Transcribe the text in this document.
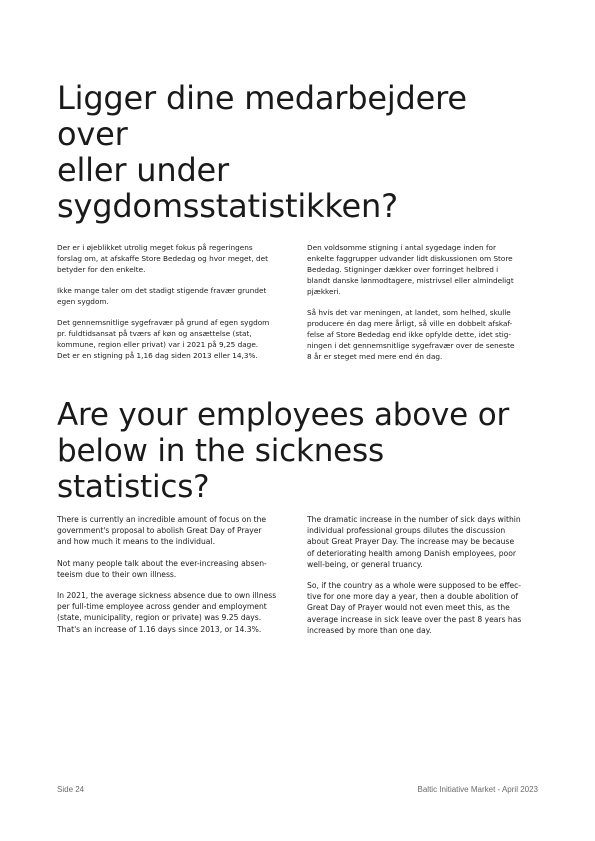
Ligger dine medarbejdere over
eller under
sygdomsstatistikken?

Der er i øjeblikket utrolig meget fokus på regeringens
forslag om, at afskaffe Store Bededag og hvor meget, det
betyder for den enkelte.

Ikke mange taler om det stadigt stigende fravær grundet
egen sygdom.

Det gennemsnitlige sygefravær på grund af egen sygdom
pr. fuldtidsansat på tværs af køn og ansættelse (stat,
kommune, region eller privat) var i 2021 på 9,25 dage.
Det er en stigning på 1,16 dag siden 2013 eller 14,3%.

Den voldsomme stigning i antal sygedage inden for
enkelte faggrupper udvander lidt diskussionen om Store
Bededag. Stigninger dækker over forringet helbred i
blandt danske lønmodtagere, mistrivsel eller almindeligt
pjækkeri.

Så hvis det var meningen, at landet, som helhed, skulle
producere én dag mere årligt, så ville en dobbelt afskaf-
felse af Store Bededag end ikke opfylde dette, idet stig-
ningen i det gennemsnitlige sygefravær over de seneste
8 år er steget med mere end én dag.

Are your employees above or
below in the sickness statistics?

There is currently an incredible amount of focus on the
government's proposal to abolish Great Day of Prayer
and how much it means to the individual.

Not many people talk about the ever-increasing absen-
teeism due to their own illness.

In 2021, the average sickness absence due to own illness
per full-time employee across gender and employment
(state, municipality, region or private) was 9.25 days.
That's an increase of 1.16 days since 2013, or 14.3%.

The dramatic increase in the number of sick days within
individual professional groups dilutes the discussion
about Great Prayer Day. The increase may be because
of deteriorating health among Danish employees, poor
well-being, or general truancy.

So, if the country as a whole were supposed to be effec-
tive for one more day a year, then a double abolition of
Great Day of Prayer would not even meet this, as the
average increase in sick leave over the past 8 years has
increased by more than one day.

Side 24	Baltic Initiative Market - April 2023
